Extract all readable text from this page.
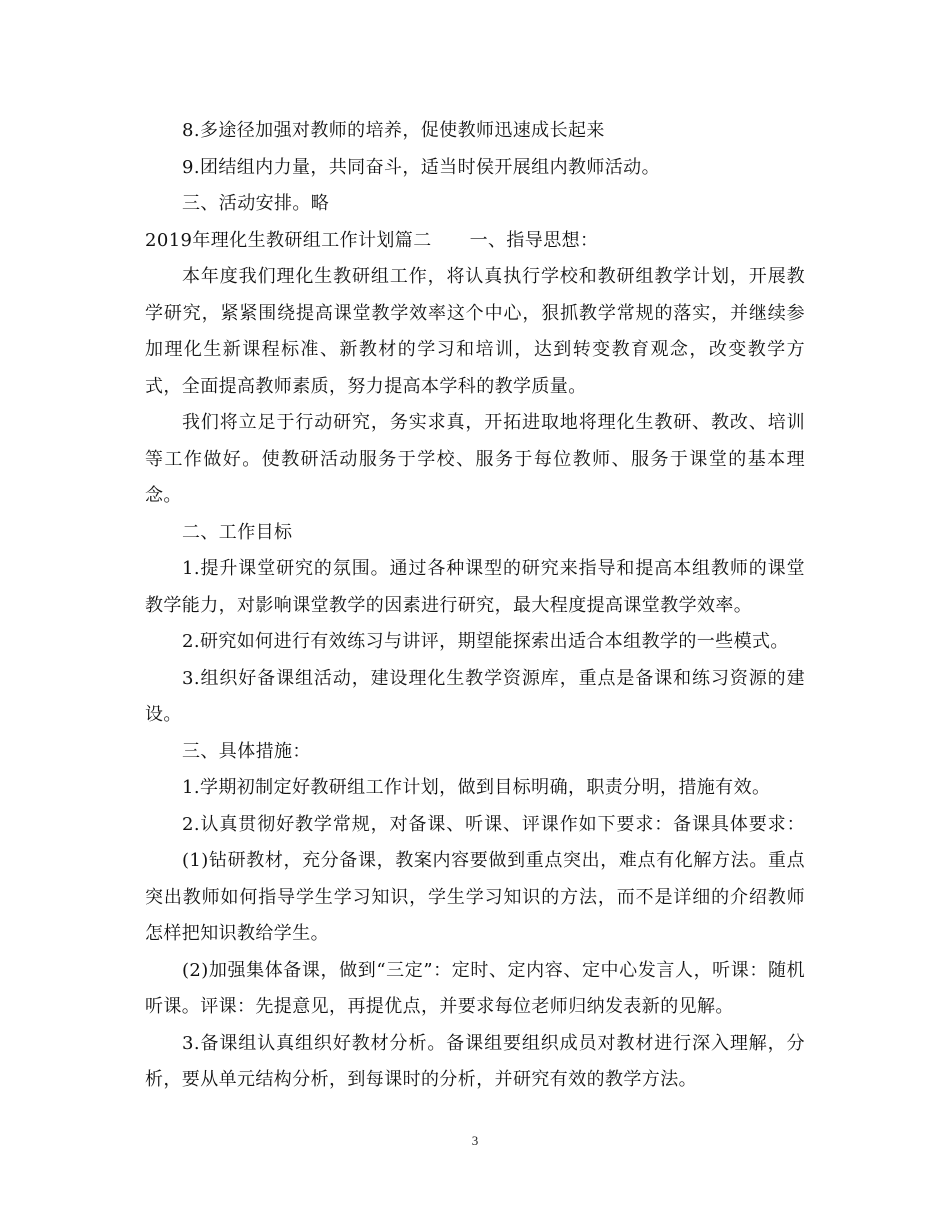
8.多途径加强对教师的培养，促使教师迅速成长起来
9.团结组内力量，共同奋斗，适当时侯开展组内教师活动。
三、活动安排。略
2019年理化生教研组工作计划篇二 一、指导思想：
本年度我们理化生教研组工作，将认真执行学校和教研组教学计划，开展教
学研究，紧紧围绕提高课堂教学效率这个中心，狠抓教学常规的落实，并继续参
加理化生新课程标准、新教材的学习和培训，达到转变教育观念，改变教学方
式，全面提高教师素质，努力提高本学科的教学质量。
我们将立足于行动研究，务实求真，开拓进取地将理化生教研、教改、培训
等工作做好。使教研活动服务于学校、服务于每位教师、服务于课堂的基本理
念。
二、工作目标
1.提升课堂研究的氛围。通过各种课型的研究来指导和提高本组教师的课堂
教学能力，对影响课堂教学的因素进行研究，最大程度提高课堂教学效率。
2.研究如何进行有效练习与讲评，期望能探索出适合本组教学的一些模式。
3.组织好备课组活动，建设理化生教学资源库，重点是备课和练习资源的建
设。
三、具体措施：
1.学期初制定好教研组工作计划，做到目标明确，职责分明，措施有效。
2.认真贯彻好教学常规，对备课、听课、评课作如下要求：备课具体要求：
(1)钻研教材，充分备课，教案内容要做到重点突出，难点有化解方法。重点
突出教师如何指导学生学习知识，学生学习知识的方法，而不是详细的介绍教师
怎样把知识教给学生。
(2)加强集体备课，做到“三定”：定时、定内容、定中心发言人，听课：随机
听课。评课：先提意见，再提优点，并要求每位老师归纳发表新的见解。
3.备课组认真组织好教材分析。备课组要组织成员对教材进行深入理解，分
析，要从单元结构分析，到每课时的分析，并研究有效的教学方法。
3
